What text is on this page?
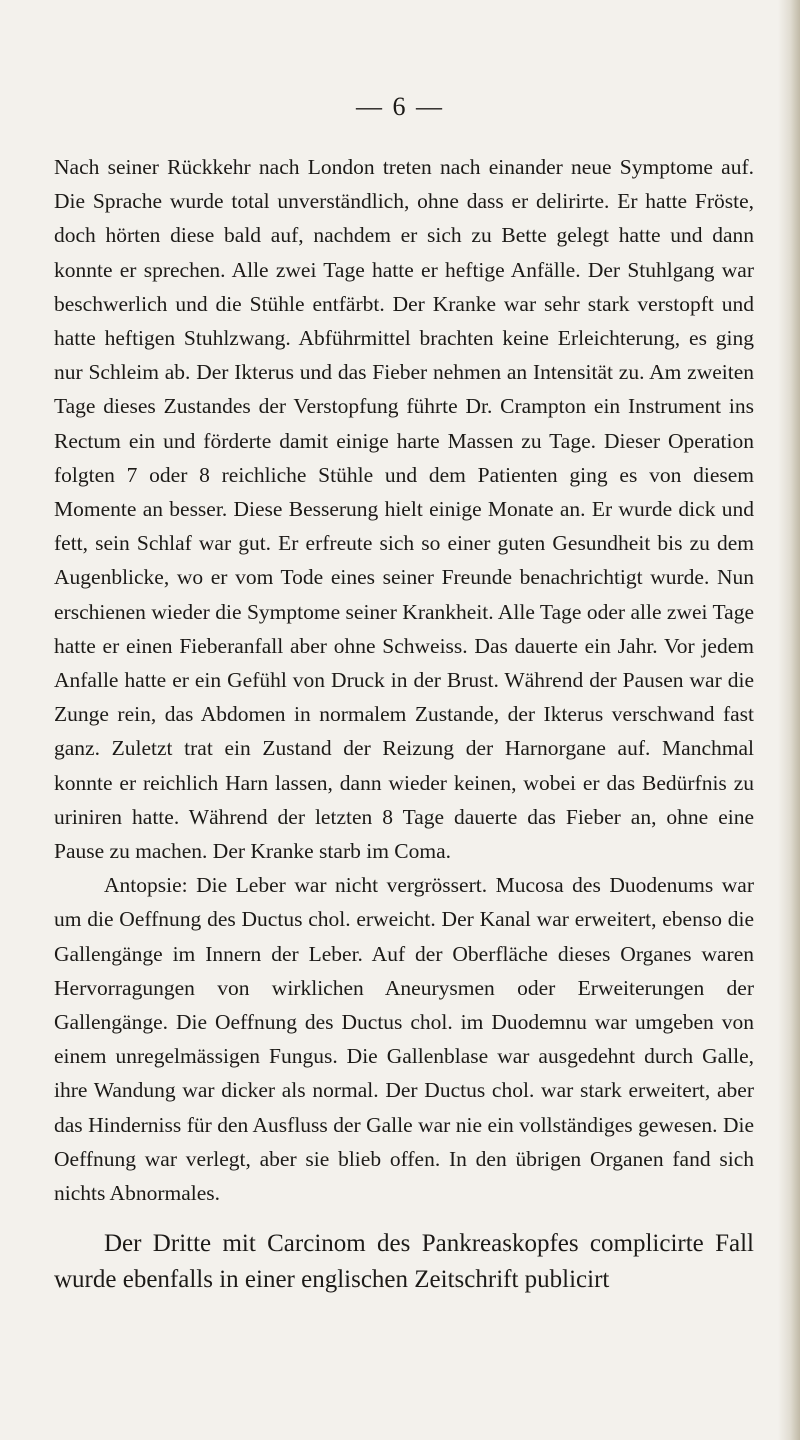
— 6 —

Nach seiner Rückkehr nach London treten nach einander neue Symptome auf. Die Sprache wurde total unverständlich, ohne dass er delirirte. Er hatte Fröste, doch hörten diese bald auf, nachdem er sich zu Bette gelegt hatte und dann konnte er sprechen. Alle zwei Tage hatte er heftige Anfälle. Der Stuhlgang war beschwerlich und die Stühle entfärbt. Der Kranke war sehr stark verstopft und hatte heftigen Stuhlzwang. Abführmittel brachten keine Erleichterung, es ging nur Schleim ab. Der Ikterus und das Fieber nehmen an Intensität zu. Am zweiten Tage dieses Zustandes der Verstopfung führte Dr. Crampton ein Instrument ins Rectum ein und förderte damit einige harte Massen zu Tage. Dieser Operation folgten 7 oder 8 reichliche Stühle und dem Patienten ging es von diesem Momente an besser. Diese Besserung hielt einige Monate an. Er wurde dick und fett, sein Schlaf war gut. Er erfreute sich so einer guten Gesundheit bis zu dem Augenblicke, wo er vom Tode eines seiner Freunde benachrichtigt wurde. Nun erschienen wieder die Symptome seiner Krankheit. Alle Tage oder alle zwei Tage hatte er einen Fieberanfall aber ohne Schweiss. Das dauerte ein Jahr. Vor jedem Anfalle hatte er ein Gefühl von Druck in der Brust. Während der Pausen war die Zunge rein, das Abdomen in normalem Zustande, der Ikterus verschwand fast ganz. Zuletzt trat ein Zustand der Reizung der Harnorgane auf. Manchmal konnte er reichlich Harn lassen, dann wieder keinen, wobei er das Bedürfnis zu uriniren hatte. Während der letzten 8 Tage dauerte das Fieber an, ohne eine Pause zu machen. Der Kranke starb im Coma.

Antopsie: Die Leber war nicht vergrössert. Mucosa des Duodenums war um die Oeffnung des Ductus chol. erweicht. Der Kanal war erweitert, ebenso die Gallengänge im Innern der Leber. Auf der Oberfläche dieses Organes waren Hervorragungen von wirklichen Aneurysmen oder Erweiterungen der Gallengänge. Die Oeffnung des Ductus chol. im Duodemnu war umgeben von einem unregelmässigen Fungus. Die Gallenblase war ausgedehnt durch Galle, ihre Wandung war dicker als normal. Der Ductus chol. war stark erweitert, aber das Hinderniss für den Ausfluss der Galle war nie ein vollständiges gewesen. Die Oeffnung war verlegt, aber sie blieb offen. In den übrigen Organen fand sich nichts Abnormales.

Der Dritte mit Carcinom des Pankreaskopfes complicirte Fall wurde ebenfalls in einer englischen Zeitschrift publicirt
